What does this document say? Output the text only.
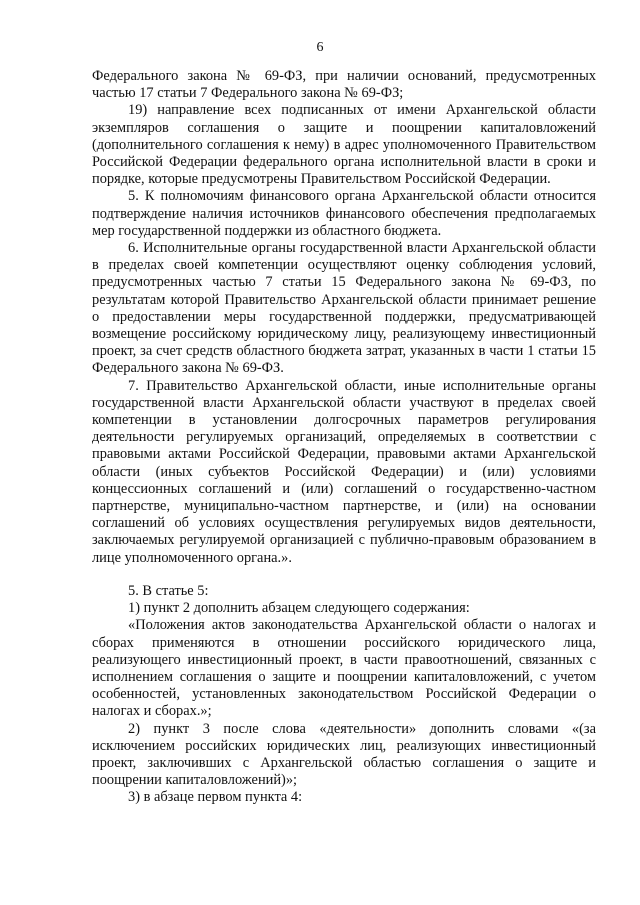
6

Федерального закона № 69-ФЗ, при наличии оснований, предусмотренных частью 17 статьи 7 Федерального закона № 69-ФЗ;

19) направление всех подписанных от имени Архангельской области экземпляров соглашения о защите и поощрении капиталовложений (дополнительного соглашения к нему) в адрес уполномоченного Правительством Российской Федерации федерального органа исполнительной власти в сроки и порядке, которые предусмотрены Правительством Российской Федерации.

5. К полномочиям финансового органа Архангельской области относится подтверждение наличия источников финансового обеспечения предполагаемых мер государственной поддержки из областного бюджета.

6. Исполнительные органы государственной власти Архангельской области в пределах своей компетенции осуществляют оценку соблюдения условий, предусмотренных частью 7 статьи 15 Федерального закона № 69-ФЗ, по результатам которой Правительство Архангельской области принимает решение о предоставлении меры государственной поддержки, предусматривающей возмещение российскому юридическому лицу, реализующему инвестиционный проект, за счет средств областного бюджета затрат, указанных в части 1 статьи 15 Федерального закона № 69-ФЗ.

7. Правительство Архангельской области, иные исполнительные органы государственной власти Архангельской области участвуют в пределах своей компетенции в установлении долгосрочных параметров регулирования деятельности регулируемых организаций, определяемых в соответствии с правовыми актами Российской Федерации, правовыми актами Архангельской области (иных субъектов Российской Федерации) и (или) условиями концессионных соглашений и (или) соглашений о государственно-частном партнерстве, муниципально-частном партнерстве, и (или) на основании соглашений об условиях осуществления регулируемых видов деятельности, заключаемых регулируемой организацией с публично-правовым образованием в лице уполномоченного органа.».

5. В статье 5:

1) пункт 2 дополнить абзацем следующего содержания:

«Положения актов законодательства Архангельской области о налогах и сборах применяются в отношении российского юридического лица, реализующего инвестиционный проект, в части правоотношений, связанных с исполнением соглашения о защите и поощрении капиталовложений, с учетом особенностей, установленных законодательством Российской Федерации о налогах и сборах.»;

2) пункт 3 после слова «деятельности» дополнить словами «(за исключением российских юридических лиц, реализующих инвестиционный проект, заключивших с Архангельской областью соглашения о защите и поощрении капиталовложений)»;

3) в абзаце первом пункта 4:
